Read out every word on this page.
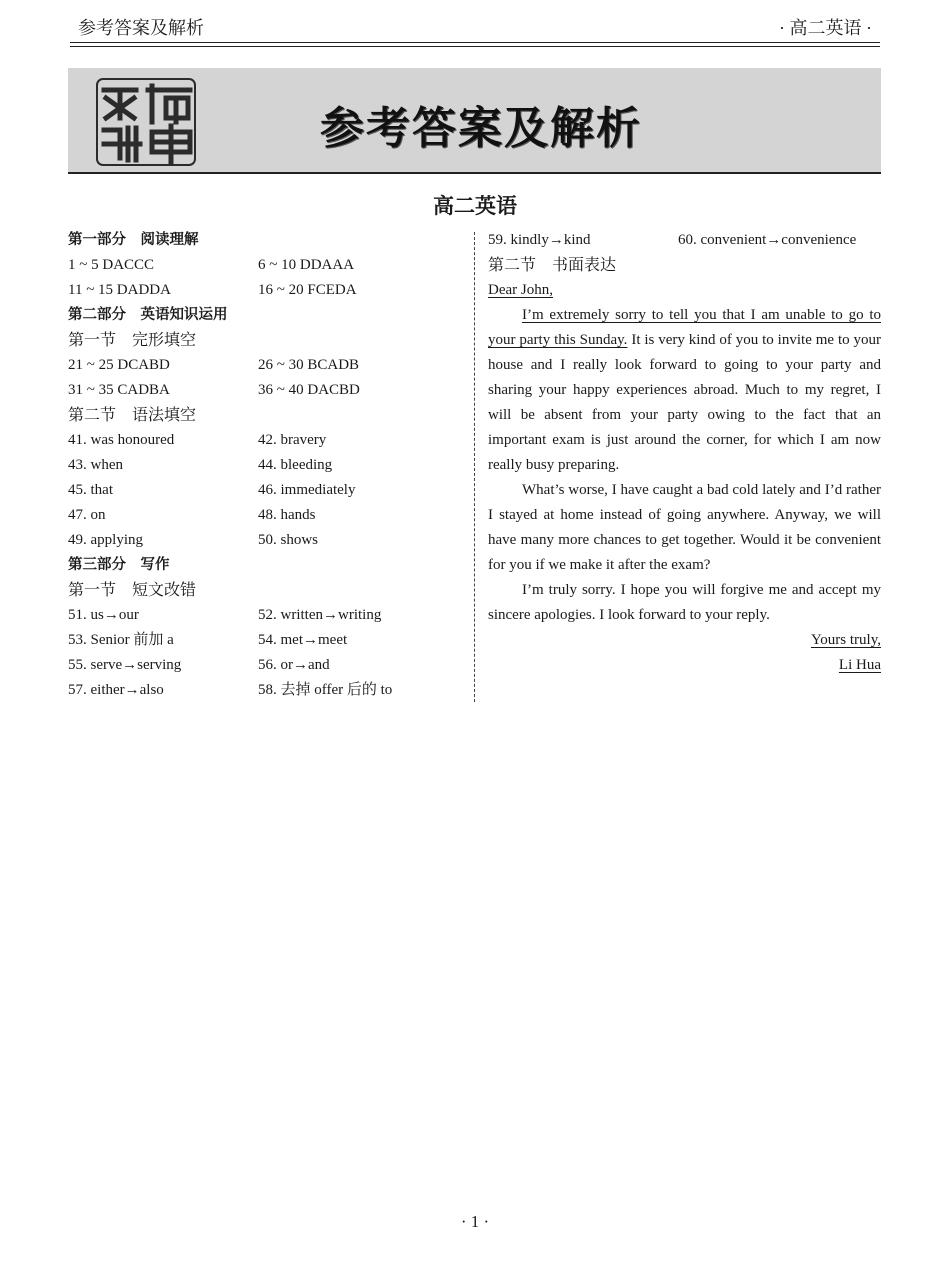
参考答案及解析	· 高二英语 ·
参考答案及解析
高二英语
第一部分　阅读理解
1 ~ 5 DACCC	6 ~ 10 DDAAA
11 ~ 15 DADDA	16 ~ 20 FCEDA
第二部分　英语知识运用
第一节　完形填空
21 ~ 25 DCABD	26 ~ 30 BCADB
31 ~ 35 CADBA	36 ~ 40 DACBD
第二节　语法填空
41. was honoured	42. bravery
43. when	44. bleeding
45. that	46. immediately
47. on	48. hands
49. applying	50. shows
第三部分　写作
第一节　短文改错
51. us→our	52. written→writing
53. Senior 前加 a	54. met→meet
55. serve→serving	56. or→and
57. either→also	58. 去掉 offer 后的 to
59. kindly→kind	60. convenient→convenience
第二节　书面表达
Dear John,

I’m extremely sorry to tell you that I am unable to go to your party this Sunday. It is very kind of you to invite me to your house and I really look forward to going to your party and sharing your happy experiences abroad. Much to my regret, I will be absent from your party owing to the fact that an important exam is just around the corner, for which I am now really busy preparing.

What’s worse, I have caught a bad cold lately and I’d rather I stayed at home instead of going anywhere. Anyway, we will have many more chances to get together. Would it be convenient for you if we make it after the exam?

I’m truly sorry. I hope you will forgive me and accept my sincere apologies. I look forward to your reply.

Yours truly,
Li Hua
· 1 ·
